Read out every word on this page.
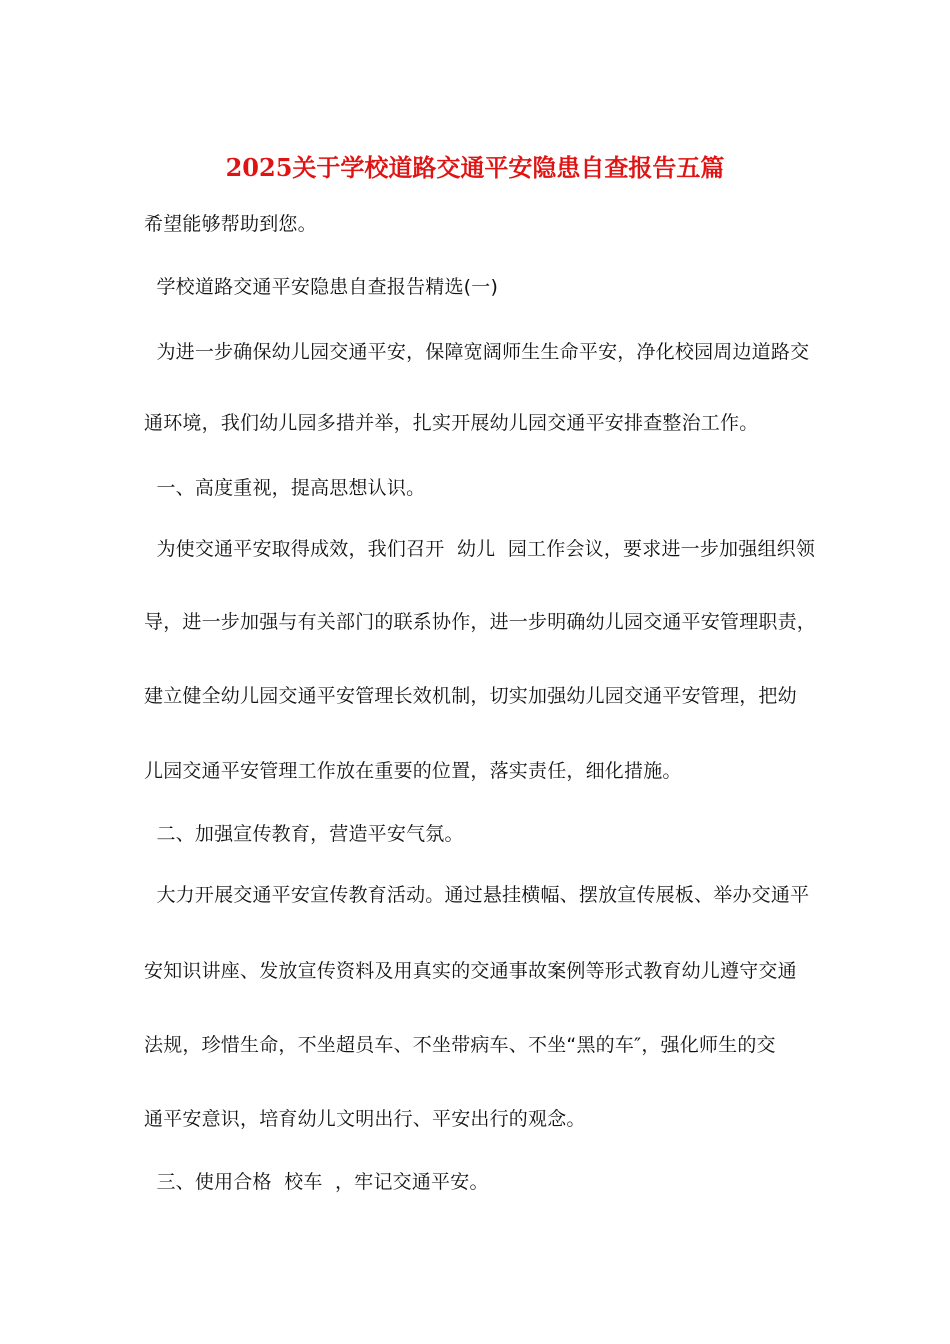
2025关于学校道路交通平安隐患自查报告五篇
希望能够帮助到您。
学校道路交通平安隐患自查报告精选(一)
为进一步确保幼儿园交通平安，保障宽阔师生生命平安，净化校园周边道路交
通环境，我们幼儿园多措并举，扎实开展幼儿园交通平安排查整治工作。
一、高度重视，提高思想认识。
为使交通平安取得成效，我们召开  幼儿  园工作会议，要求进一步加强组织领
导，进一步加强与有关部门的联系协作，进一步明确幼儿园交通平安管理职责，
建立健全幼儿园交通平安管理长效机制，切实加强幼儿园交通平安管理，把幼
儿园交通平安管理工作放在重要的位置，落实责任，细化措施。
二、加强宣传教育，营造平安气氛。
大力开展交通平安宣传教育活动。通过悬挂横幅、摆放宣传展板、举办交通平
安知识讲座、发放宣传资料及用真实的交通事故案例等形式教育幼儿遵守交通
法规，珍惜生命，不坐超员车、不坐带病车、不坐“黑的车″，强化师生的交
通平安意识，培育幼儿文明出行、平安出行的观念。
三、使用合格  校车  ，牢记交通平安。
